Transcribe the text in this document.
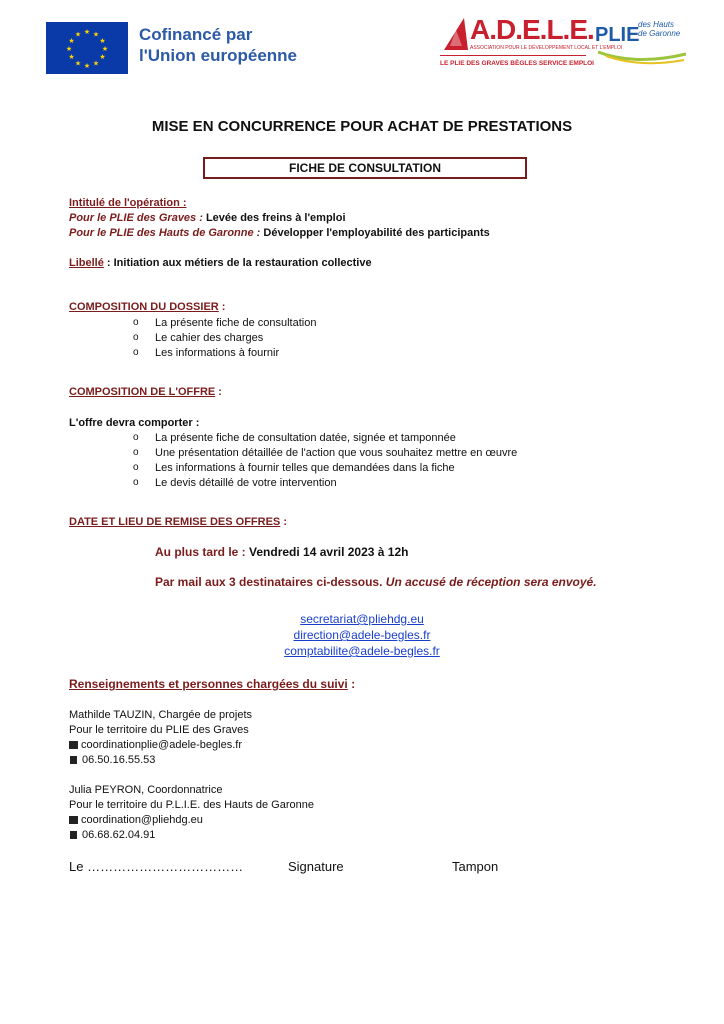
★ ★
★
★
★
★
★
★
★
★
★
★	Cofinancé par
l'Union européenne
A.D.E.L.E.
ASSOCIATION POUR LE DÉVELOPPEMENT LOCAL ET L'EMPLOI
LE PLIE DES GRAVES BÈGLES SERVICE EMPLOI
PLIE
des Hauts
de Garonne
MISE EN CONCURRENCE POUR ACHAT DE PRESTATIONS
FICHE DE CONSULTATION
Intitulé de l'opération :
Pour le PLIE des Graves : Levée des freins à l'emploi
Pour le PLIE des Hauts de Garonne : Développer l'employabilité des participants
Libellé : Initiation aux métiers de la restauration collective
COMPOSITION DU DOSSIER :
o La présente fiche de consultation
o Le cahier des charges
o Les informations à fournir
COMPOSITION DE L'OFFRE :
L'offre devra comporter :
o La présente fiche de consultation datée, signée et tamponnée
o Une présentation détaillée de l'action que vous souhaitez mettre en œuvre
o Les informations à fournir telles que demandées dans la fiche
o Le devis détaillé de votre intervention
DATE ET LIEU DE REMISE DES OFFRES :
Au plus tard le : Vendredi 14 avril 2023 à 12h
Par mail aux 3 destinataires ci-dessous. Un accusé de réception sera envoyé.
secretariat@pliehdg.eu
direction@adele-begles.fr
comptabilite@adele-begles.fr
Renseignements et personnes chargées du suivi :
Mathilde TAUZIN, Chargée de projets
Pour le territoire du PLIE des Graves
coordinationplie@adele-begles.fr
06.50.16.55.53
Julia PEYRON, Coordonnatrice
Pour le territoire du P.L.I.E. des Hauts de Garonne
coordination@pliehdg.eu
06.68.62.04.91
Le ………………………………	Signature	Tampon
